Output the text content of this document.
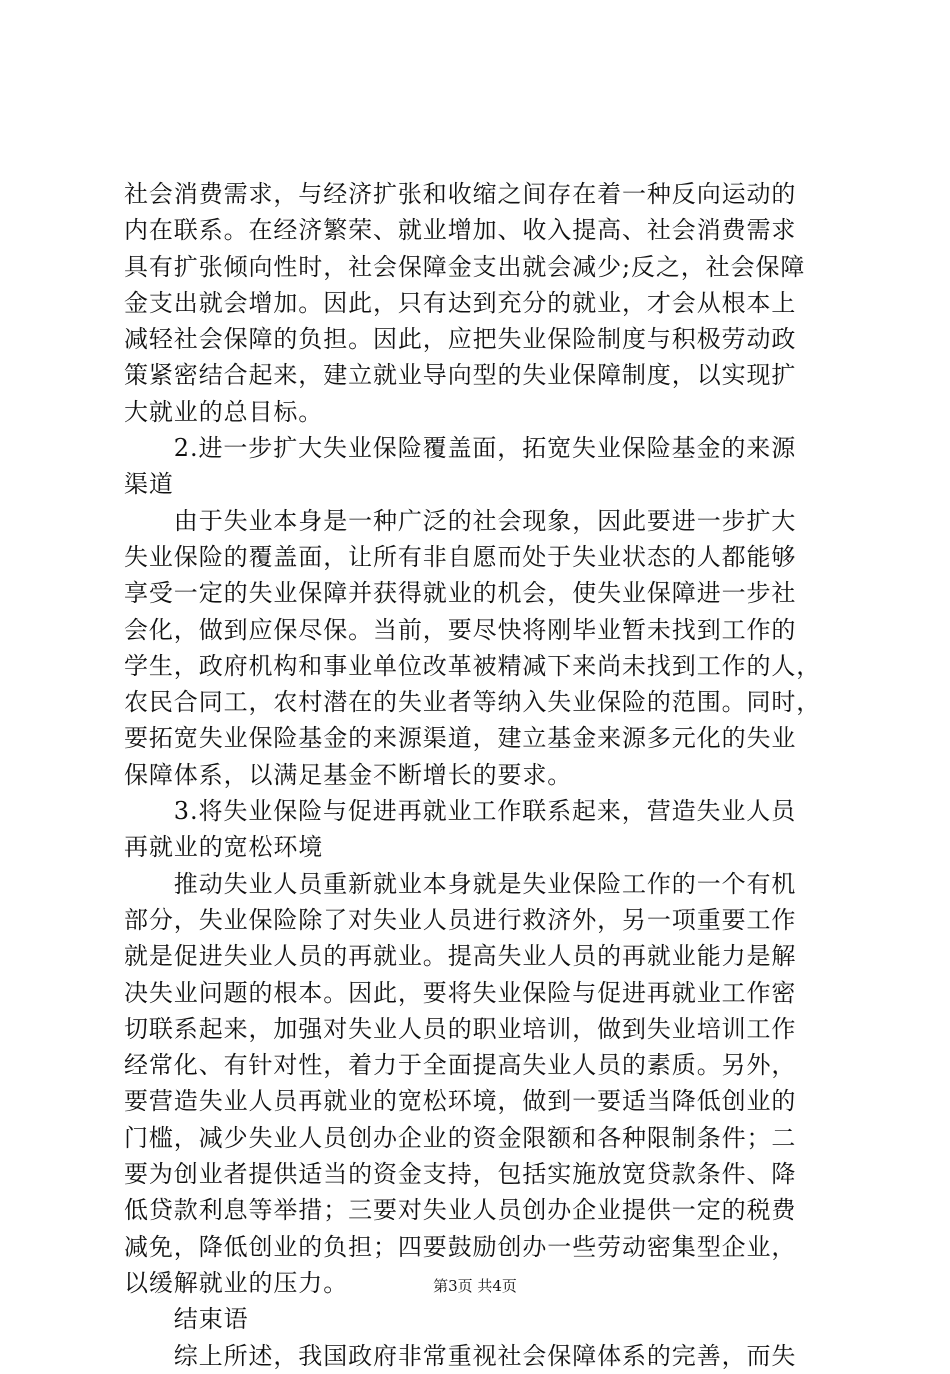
社会消费需求，与经济扩张和收缩之间存在着一种反向运动的
内在联系。在经济繁荣、就业增加、收入提高、社会消费需求
具有扩张倾向性时，社会保障金支出就会减少;反之，社会保障
金支出就会增加。因此，只有达到充分的就业，才会从根本上
减轻社会保障的负担。因此，应把失业保险制度与积极劳动政
策紧密结合起来，建立就业导向型的失业保障制度，以实现扩
大就业的总目标。
　　2.进一步扩大失业保险覆盖面，拓宽失业保险基金的来源
渠道
　　由于失业本身是一种广泛的社会现象，因此要进一步扩大
失业保险的覆盖面，让所有非自愿而处于失业状态的人都能够
享受一定的失业保障并获得就业的机会，使失业保障进一步社
会化，做到应保尽保。当前，要尽快将刚毕业暂未找到工作的
学生，政府机构和事业单位改革被精减下来尚未找到工作的人，
农民合同工，农村潜在的失业者等纳入失业保险的范围。同时，
要拓宽失业保险基金的来源渠道，建立基金来源多元化的失业
保障体系，以满足基金不断增长的要求。
　　3.将失业保险与促进再就业工作联系起来，营造失业人员
再就业的宽松环境
　　推动失业人员重新就业本身就是失业保险工作的一个有机
部分，失业保险除了对失业人员进行救济外，另一项重要工作
就是促进失业人员的再就业。提高失业人员的再就业能力是解
决失业问题的根本。因此，要将失业保险与促进再就业工作密
切联系起来，加强对失业人员的职业培训，做到失业培训工作
经常化、有针对性，着力于全面提高失业人员的素质。另外，
要营造失业人员再就业的宽松环境，做到一要适当降低创业的
门槛，减少失业人员创办企业的资金限额和各种限制条件；二
要为创业者提供适当的资金支持，包括实施放宽贷款条件、降
低贷款利息等举措；三要对失业人员创办企业提供一定的税费
减免，降低创业的负担；四要鼓励创办一些劳动密集型企业，
以缓解就业的压力。
　　结束语
　　综上所述，我国政府非常重视社会保障体系的完善，而失
第3页 共4页
